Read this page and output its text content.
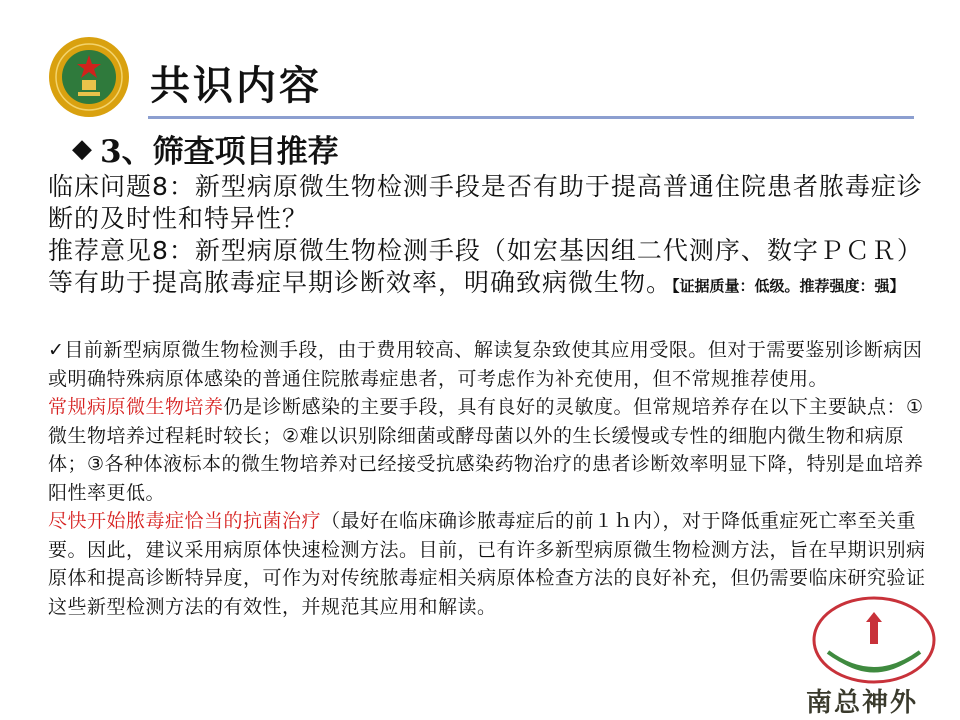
共识内容
◆ 3、筛查项目推荐

临床问题8：新型病原微生物检测手段是否有助于提高普通住院患者脓毒症诊断的及时性和特异性？

推荐意见8：新型病原微生物检测手段（如宏基因组二代测序、数字ＰＣＲ）等有助于提高脓毒症早期诊断效率，明确致病微生物。【证据质量：低级。推荐强度：强】

✓目前新型病原微生物检测手段，由于费用较高、解读复杂致使其应用受限。但对于需要鉴别诊断病因或明确特殊病原体感染的普通住院脓毒症患者，可考虑作为补充使用，但不常规推荐使用。

常规病原微生物培养仍是诊断感染的主要手段，具有良好的灵敏度。但常规培养存在以下主要缺点：①微生物培养过程耗时较长；②难以识别除细菌或酵母菌以外的生长缓慢或专性的细胞内微生物和病原体；③各种体液标本的微生物培养对已经接受抗感染药物治疗的患者诊断效率明显下降，特别是血培养阳性率更低。

尽快开始脓毒症恰当的抗菌治疗（最好在临床确诊脓毒症后的前１ｈ内），对于降低重症死亡率至关重要。因此，建议采用病原体快速检测方法。目前，已有许多新型病原微生物检测方法，旨在早期识别病原体和提高诊断特异度，可作为对传统脓毒症相关病原体检查方法的良好补充，但仍需要临床研究验证这些新型检测方法的有效性，并规范其应用和解读。

南总神外
